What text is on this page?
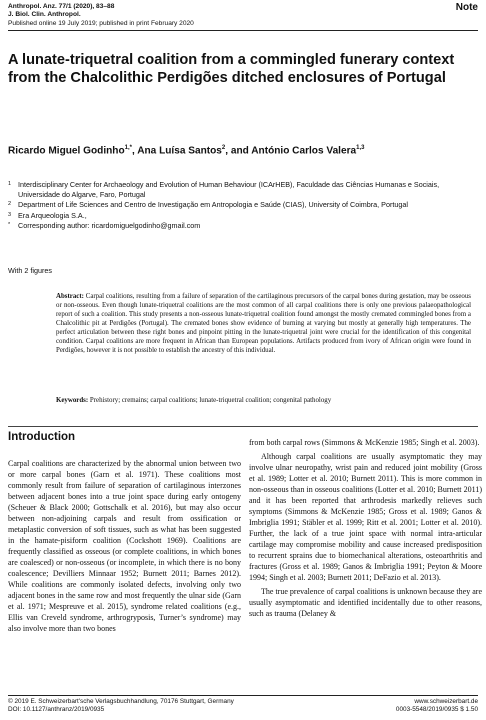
Anthropol. Anz. 77/1 (2020), 83–88
J. Biol. Clin. Anthropol.
Published online 19 July 2019; published in print February 2020
Note
A lunate-triquetral coalition from a commingled funerary context from the Chalcolithic Perdigões ditched enclosures of Portugal
Ricardo Miguel Godinho$^{1,*}$, Ana Luísa Santos$^2$, and António Carlos Valera$^{1,3}$
1 Interdisciplinary Center for Archaeology and Evolution of Human Behaviour (ICArHEB), Faculdade das Ciências Humanas e Sociais, Universidade do Algarve, Faro, Portugal
2 Department of Life Sciences and Centro de Investigação em Antropologia e Saúde (CIAS), University of Coimbra, Portugal
3 Era Arqueologia S.A.,
*	Corresponding author: ricardomiguelgodinho@gmail.com
With 2 figures
Abstract: Carpal coalitions, resulting from a failure of separation of the cartilaginous precursors of the carpal bones during gestation, may be osseous or non-osseous. Even though lunate-triquetral coalitions are the most common of all carpal coalitions there is only one previous palaeopathological report of such a coalition. This study presents a non-osseous lunate-triquetral coalition found amongst the mostly cremated commingled bones from a Chalcolithic pit at Perdigões (Portugal). The cremated bones show evidence of burning at varying but mostly at generally high temperatures. The perfect articulation between these right bones and pinpoint pitting in the lunate-triquetral joint were crucial for the identification of this congenital condition. Carpal coalitions are more frequent in African than European populations. Artifacts produced from ivory of African origin were found in Perdigões, however it is not possible to establish the ancestry of this individual.
Keywords: Prehistory; cremains; carpal coalitions; lunate-triquetral coalition; congenital pathology
Introduction

Carpal coalitions are characterized by the abnormal union between two or more carpal bones (Garn et al. 1971). These coalitions most commonly result from failure of separation of cartilaginous interzones between adjacent bones into a true joint space during early ontogeny (Scheuer & Black 2000; Gottschalk et al. 2016), but may also occur between non-adjoining carpals and result from ossification or metaplastic conversion of soft tissues, such as what has been suggested in the hamate-pisiform coalition (Cockshott 1969). Coalitions are frequently classified as osseous (or complete coalitions, in which bones are coalesced) or non-osseous (or incomplete, in which there is no bony coalescence; Devilliers Minnaar 1952; Burnett 2011; Barnes 2012). While coalitions are commonly isolated defects, involving only two adjacent bones in the same row and most frequently the ulnar side (Garn et al. 1971; Mespreuve et al. 2015), syndrome related coalitions (e.g., Ellis van Creveld syndrome, arthrogryposis, Turner’s syndrome) may also involve more than two bones

from both carpal rows (Simmons & McKenzie 1985; Singh et al. 2003).

Although carpal coalitions are usually asymptomatic they may involve ulnar neuropathy, wrist pain and reduced joint mobility (Gross et al. 1989; Lotter et al. 2010; Burnett 2011). This is more common in non-osseous than in osseous coalitions (Lotter et al. 2010; Burnett 2011) and it has been reported that arthrodesis markedly relieves such symptoms (Simmons & McKenzie 1985; Gross et al. 1989; Ganos & Imbriglia 1991; Stäbler et al. 1999; Ritt et al. 2001; Lotter et al. 2010). Further, the lack of a true joint space with normal intra-articular cartilage may compromise mobility and cause increased predisposition to recurrent sprains due to biomechanical alterations, osteoarthritis and fractures (Gross et al. 1989; Ganos & Imbriglia 1991; Peyton & Moore 1994; Singh et al. 2003; Burnett 2011; DeFazio et al. 2013).

The true prevalence of carpal coalitions is unknown because they are usually asymptomatic and identified incidentally due to other reasons, such as trauma (Delaney &

© 2019 E. Schweizerbart'sche Verlagsbuchhandlung, 70176 Stuttgart, Germany	www.schweizerbart.de
DOI: 10.1127/anthranz/2019/0935	0003-5548/2019/0935 $ 1.50
